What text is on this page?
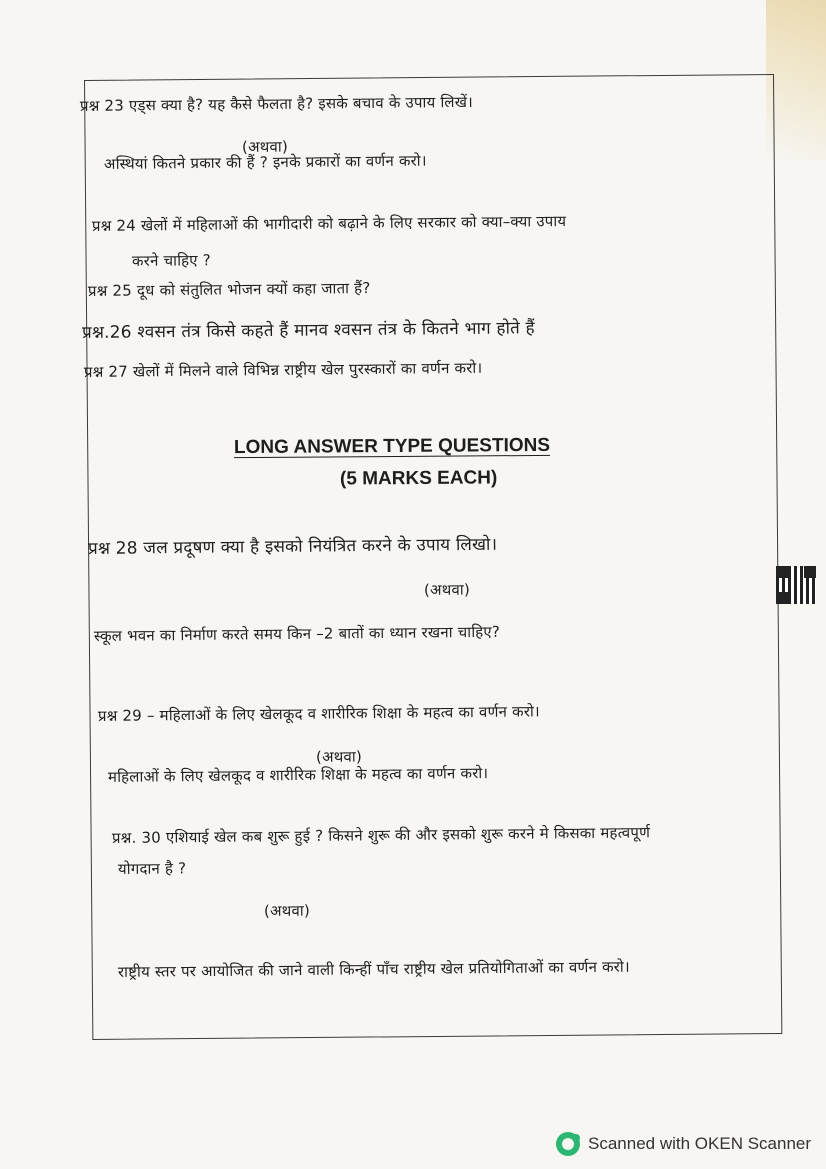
प्रश्न 23 एड्स क्या है? यह कैसे फैलता है? इसके बचाव के उपाय लिखें।
(अथवा)
अस्थियां कितने प्रकार की हैं ? इनके प्रकारों का वर्णन करो।
प्रश्न 24 खेलों में महिलाओं की भागीदारी को बढ़ाने के लिए सरकार को क्या–क्या उपाय
करने चाहिए ?
प्रश्न 25 दूध को संतुलित भोजन क्यों कहा जाता हैं?
प्रश्न.26 श्वसन तंत्र किसे कहते हैं मानव श्वसन तंत्र के कितने भाग होते हैं
प्रश्न 27 खेलों में मिलने वाले विभिन्न राष्ट्रीय खेल पुरस्कारों का वर्णन करो।
LONG ANSWER TYPE QUESTIONS
(5 MARKS EACH)
प्रश्न 28 जल प्रदूषण क्या है इसको नियंत्रित करने के उपाय लिखो।
(अथवा)
स्कूल भवन का निर्माण करते समय किन –2 बातों का ध्यान रखना चाहिए?
प्रश्न 29 – महिलाओं के लिए खेलकूद व शारीरिक शिक्षा के महत्व का वर्णन करो।
(अथवा)
महिलाओं के लिए खेलकूद व शारीरिक शिक्षा के महत्व का वर्णन करो।
प्रश्न. 30 एशियाई खेल कब शुरू हुई ? किसने शुरू की और इसको शुरू करने मे किसका महत्वपूर्ण
योगदान है ?
(अथवा)
राष्ट्रीय स्तर पर आयोजित की जाने वाली किन्हीं पाँच राष्ट्रीय खेल प्रतियोगिताओं का वर्णन करो।
Scanned with OKEN Scanner
